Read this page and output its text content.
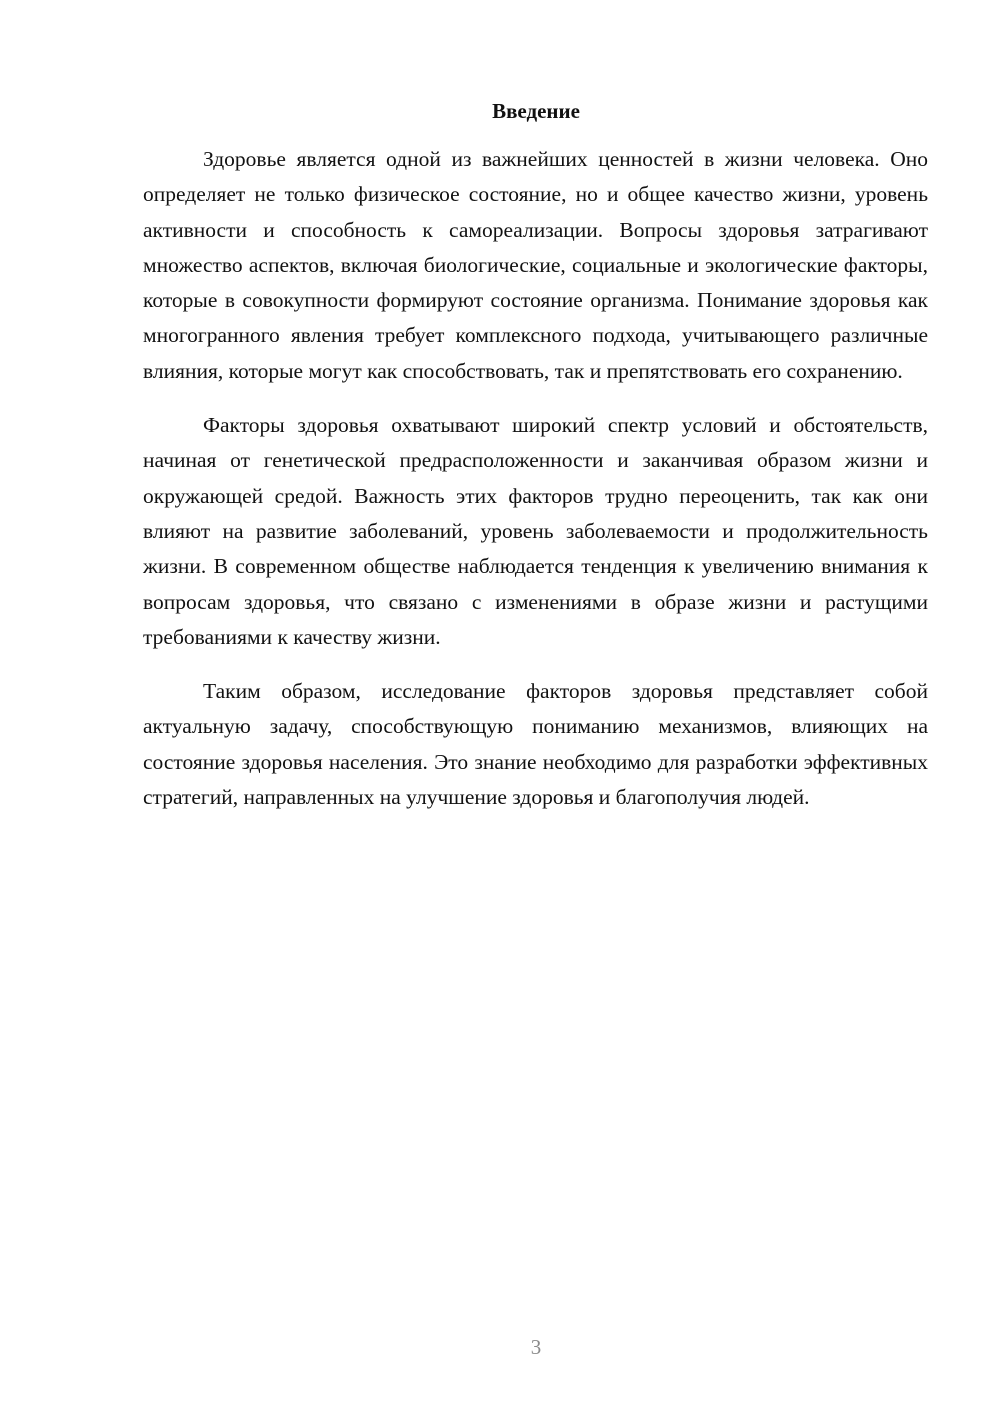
Введение

Здоровье является одной из важнейших ценностей в жизни человека. Оно определяет не только физическое состояние, но и общее качество жизни, уровень активности и способность к самореализации. Вопросы здоровья затрагивают множество аспектов, включая биологические, социальные и экологические факторы, которые в совокупности формируют состояние организма. Понимание здоровья как многогранного явления требует комплексного подхода, учитывающего различные влияния, которые могут как способствовать, так и препятствовать его сохранению.

Факторы здоровья охватывают широкий спектр условий и обстоятельств, начиная от генетической предрасположенности и заканчивая образом жизни и окружающей средой. Важность этих факторов трудно переоценить, так как они влияют на развитие заболеваний, уровень заболеваемости и продолжительность жизни. В современном обществе наблюдается тенденция к увеличению внимания к вопросам здоровья, что связано с изменениями в образе жизни и растущими требованиями к качеству жизни.

Таким образом, исследование факторов здоровья представляет собой актуальную задачу, способствующую пониманию механизмов, влияющих на состояние здоровья населения. Это знание необходимо для разработки эффективных стратегий, направленных на улучшение здоровья и благополучия людей.

3
